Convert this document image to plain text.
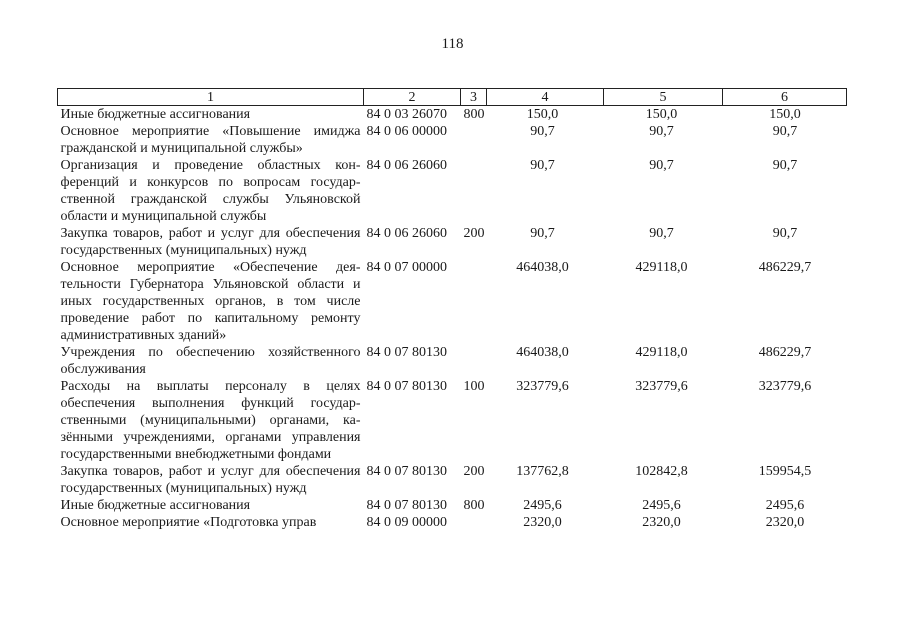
118
1	2	3	4	5	6
Иные бюджетные ассигнования	84 0 03 26070	800	150,0	150,0	150,0
Основное мероприятие «Повышение имиджа гражданской и муниципальной службы»	84 0 06 00000		90,7	90,7	90,7
Организация и проведение областных конференций и конкурсов по вопросам государственной гражданской службы Ульяновской области и муниципальной службы	84 0 06 26060		90,7	90,7	90,7
Закупка товаров, работ и услуг для обеспечения государственных (муниципальных) нужд	84 0 06 26060	200	90,7	90,7	90,7
Основное мероприятие «Обеспечение деятельности Губернатора Ульяновской области и иных государственных органов, в том числе проведение работ по капитальному ремонту административных зданий»	84 0 07 00000		464038,0	429118,0	486229,7
Учреждения по обеспечению хозяйственного обслуживания	84 0 07 80130		464038,0	429118,0	486229,7
Расходы на выплаты персоналу в целях обеспечения выполнения функций государственными (муниципальными) органами, казёнными учреждениями, органами управления государственными внебюджетными фондами	84 0 07 80130	100	323779,6	323779,6	323779,6
Закупка товаров, работ и услуг для обеспечения государственных (муниципальных) нужд	84 0 07 80130	200	137762,8	102842,8	159954,5
Иные бюджетные ассигнования	84 0 07 80130	800	2495,6	2495,6	2495,6
Основное мероприятие «Подготовка управ	84 0 09 00000		2320,0	2320,0	2320,0
